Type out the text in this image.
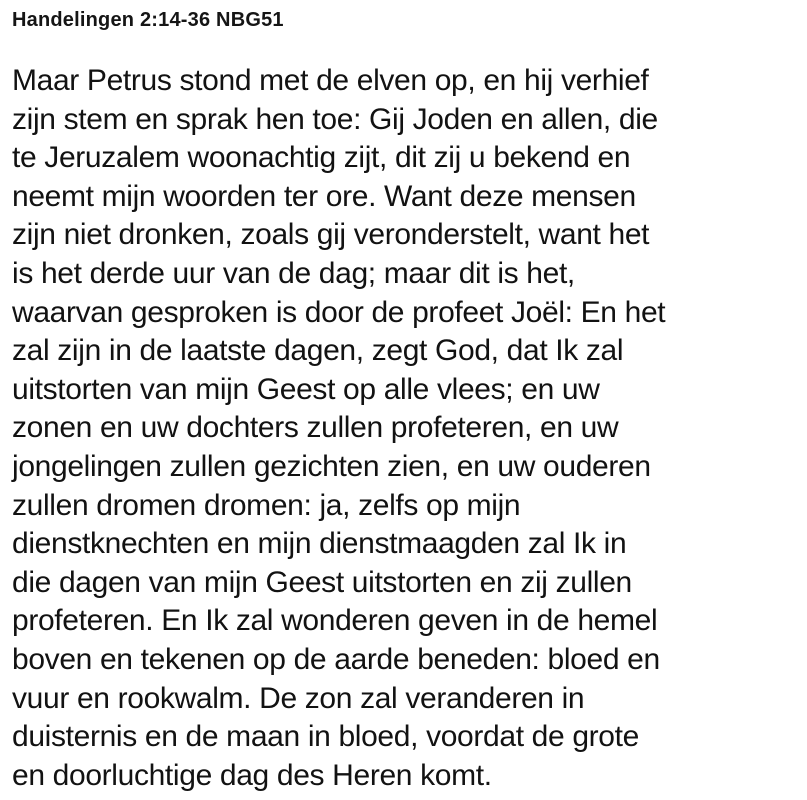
Handelingen 2:14-36 NBG51
Maar Petrus stond met de elven op, en hij verhief
zijn stem en sprak hen toe: Gij Joden en allen, die
te Jeruzalem woonachtig zijt, dit zij u bekend en
neemt mijn woorden ter ore. Want deze mensen
zijn niet dronken, zoals gij veronderstelt, want het
is het derde uur van de dag; maar dit is het,
waarvan gesproken is door de profeet Joël: En het
zal zijn in de laatste dagen, zegt God, dat Ik zal
uitstorten van mijn Geest op alle vlees; en uw
zonen en uw dochters zullen profeteren, en uw
jongelingen zullen gezichten zien, en uw ouderen
zullen dromen dromen: ja, zelfs op mijn
dienstknechten en mijn dienstmaagden zal Ik in
die dagen van mijn Geest uitstorten en zij zullen
profeteren. En Ik zal wonderen geven in de hemel
boven en tekenen op de aarde beneden: bloed en
vuur en rookwalm. De zon zal veranderen in
duisternis en de maan in bloed, voordat de grote
en doorluchtige dag des Heren komt.
